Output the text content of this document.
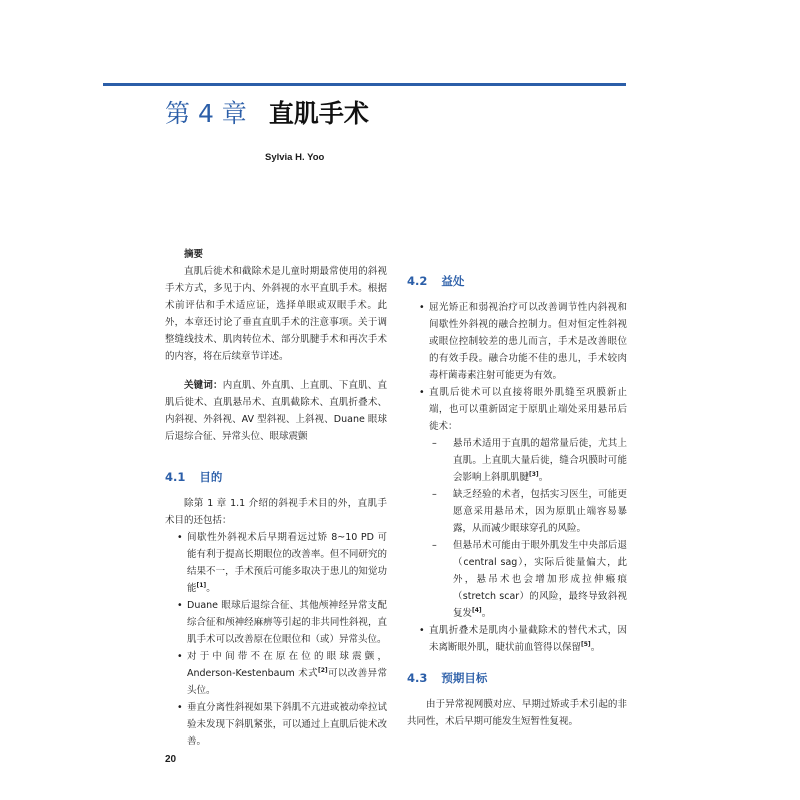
第 4 章 直肌手术
Sylvia H. Yoo
摘要

直肌后徙术和截除术是儿童时期最常使用的斜视手术方式，多见于内、外斜视的水平直肌手术。根据术前评估和手术适应证，选择单眼或双眼手术。此外，本章还讨论了垂直直肌手术的注意事项。关于调整缝线技术、肌肉转位术、部分肌腱手术和再次手术的内容，将在后续章节详述。

关键词：内直肌、外直肌、上直肌、下直肌、直肌后徙术、直肌悬吊术、直肌截除术、直肌折叠术、内斜视、外斜视、AV 型斜视、上斜视、Duane 眼球后退综合征、异常头位、眼球震颤

4.1 目的

除第 1 章 1.1 介绍的斜视手术目的外，直肌手术目的还包括：

• 间歇性外斜视术后早期看远过矫 8~10 PD 可能有利于提高长期眼位的改善率。但不同研究的结果不一，手术预后可能多取决于患儿的知觉功能[1]。
• Duane 眼球后退综合征、其他颅神经异常支配综合征和颅神经麻痹等引起的非共同性斜视，直肌手术可以改善原在位眼位和（或）异常头位。
• 对于中间带不在原在位的眼球震颤，Anderson-Kestenbaum 术式[2]可以改善异常头位。
• 垂直分离性斜视如果下斜肌不亢进或被动牵拉试验未发现下斜肌紧张，可以通过上直肌后徙术改善。
4.2 益处
• 屈光矫正和弱视治疗可以改善调节性内斜视和间歇性外斜视的融合控制力。但对恒定性斜视或眼位控制较差的患儿而言，手术是改善眼位的有效手段。融合功能不佳的患儿，手术较肉毒杆菌毒素注射可能更为有效。
• 直肌后徙术可以直接将眼外肌缝至巩膜新止端，也可以重新固定于原肌止端处采用悬吊后徙术：
– 悬吊术适用于直肌的超常量后徙，尤其上直肌。上直肌大量后徙，缝合巩膜时可能会影响上斜肌肌腱[3]。
– 缺乏经验的术者，包括实习医生，可能更愿意采用悬吊术，因为原肌止端容易暴露，从而减少眼球穿孔的风险。
– 但悬吊术可能由于眼外肌发生中央部后退（central sag），实际后徙量偏大，此外，悬吊术也会增加形成拉伸瘢痕（stretch scar）的风险，最终导致斜视复发[4]。
• 直肌折叠术是肌肉小量截除术的替代术式，因未离断眼外肌，睫状前血管得以保留[5]。
4.3 预期目标

由于异常视网膜对应、早期过矫或手术引起的非共同性，术后早期可能发生短暂性复视。

20
